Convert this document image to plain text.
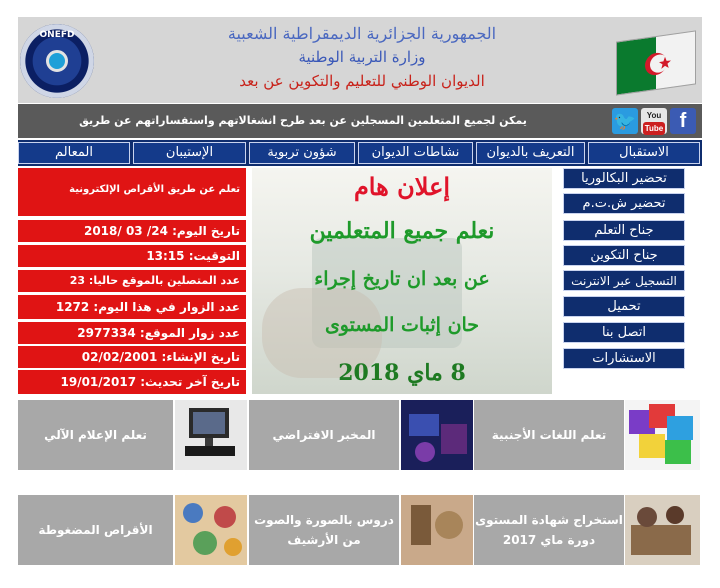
ONEFD	الجمهورية الجزائرية الديمقراطية الشعبية
وزارة التربية الوطنية
الديوان الوطني للتعليم والتكوين عن بعد
يمكن لجميع المتعلمين المسجلين عن بعد طرح انشغالاتهم واستفساراتهم عن طريق	🐦	You
Tube f
الاستقبال
التعريف بالديوان
نشاطات الديوان
شؤون تربوية
الإستيبان
المعالم
تعلم عن طريق الأقراص الإلكترونية
تاريخ اليوم: 24/ 03 /2018
التوقيت: 13:15
عدد المتصلين بالموقع حاليا: 23
عدد الزوار في هذا اليوم: 1272
عدد زوار الموقع: 2977334
تاريخ الإنشاء: 02/02/2001
تاريخ آخر تحديث: 19/01/2017
إعلان هام
نعلم جميع المتعلمين
عن بعد ان تاريخ إجراء
حان إثبات المستوى
8 ماي 2018
تحضير البكالوريا
تحضير ش.ت.م
جناح التعلم
جناح التكوين
التسجيل عبر الانترنت
تحميل
اتصل بنا
الاستشارات
تعلم اللغات الأجنبية
المخبر الافتراضي
تعلم الإعلام الآلي
استخراج شهادة المستوى
دورة ماي 2017
دروس بالصورة والصوت
من الأرشيف
الأقراص المضغوطة
